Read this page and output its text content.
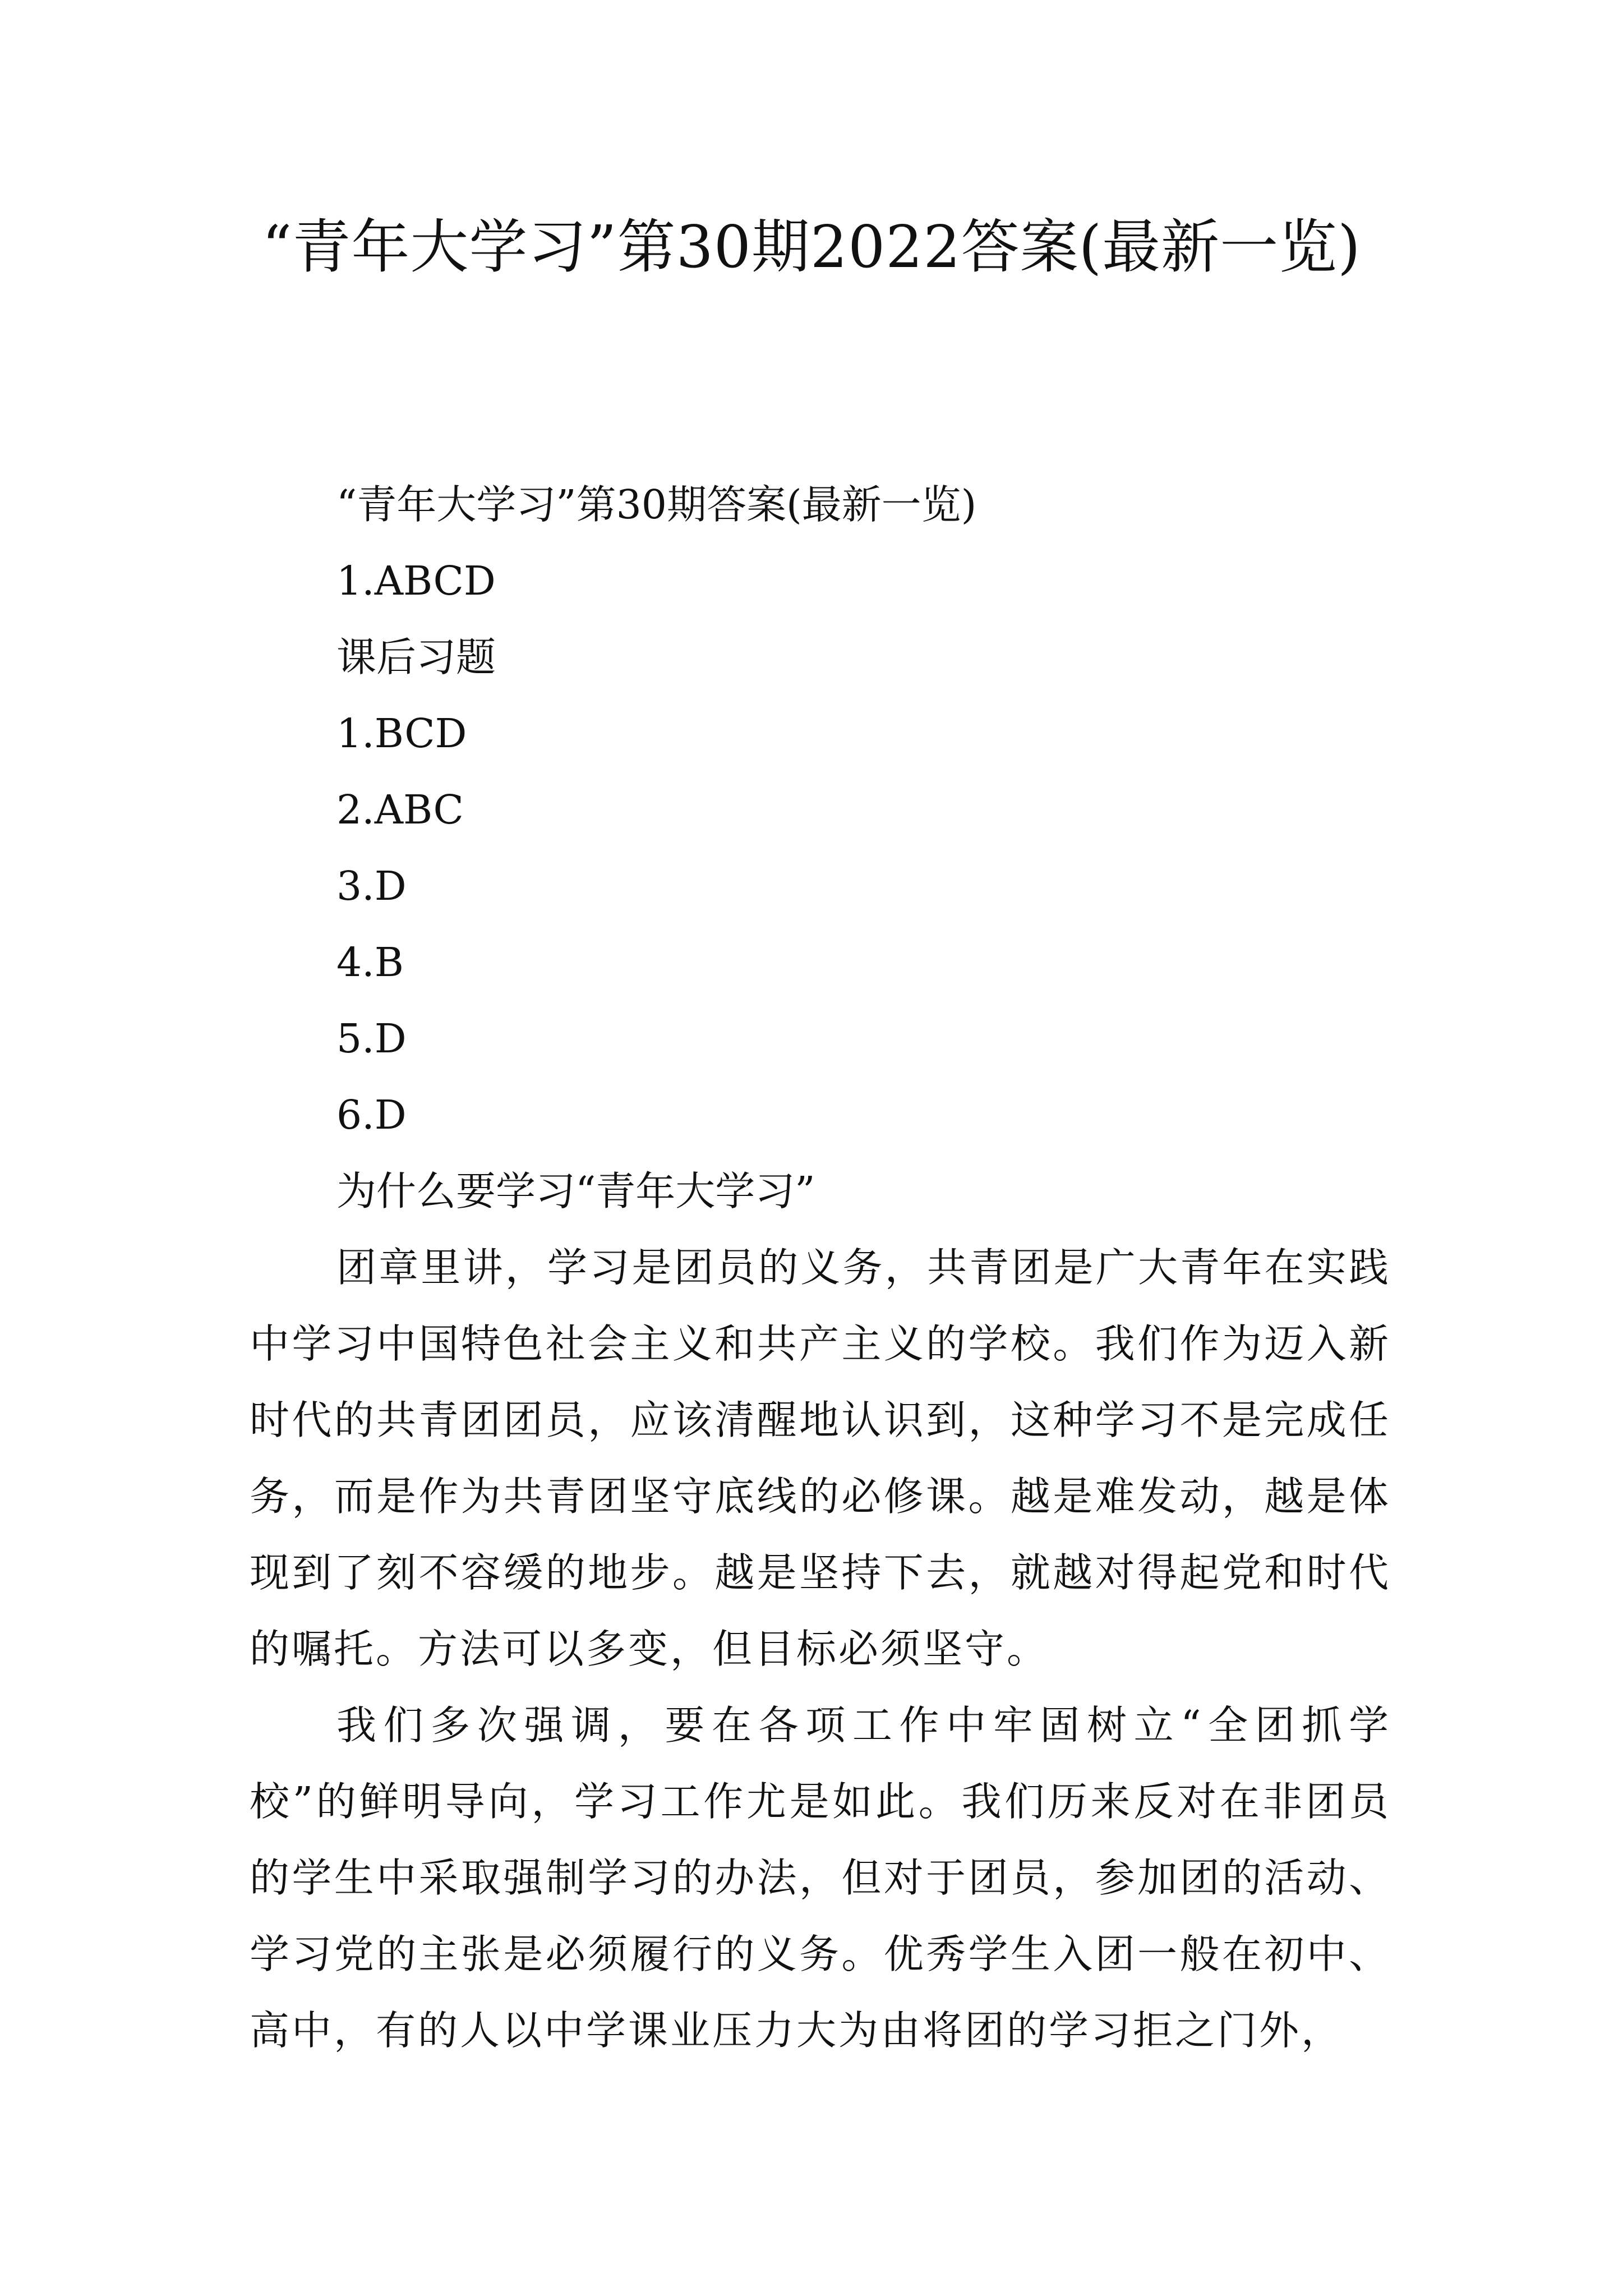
“青年大学习”第30期2022答案(最新一览)

“青年大学习”第30期答案(最新一览)

1.ABCD

课后习题

1.BCD

2.ABC

3.D

4.B

5.D

6.D

为什么要学习“青年大学习”

团章里讲，学习是团员的义务，共青团是广大青年在实践中学习中国特色社会主义和共产主义的学校。我们作为迈入新时代的共青团团员，应该清醒地认识到，这种学习不是完成任务，而是作为共青团坚守底线的必修课。越是难发动，越是体现到了刻不容缓的地步。越是坚持下去，就越对得起党和时代的嘱托。方法可以多变，但目标必须坚守。

我们多次强调，要在各项工作中牢固树立“全团抓学校”的鲜明导向，学习工作尤是如此。我们历来反对在非团员的学生中采取强制学习的办法，但对于团员，参加团的活动、学习党的主张是必须履行的义务。优秀学生入团一般在初中、高中，有的人以中学课业压力大为由将团的学习拒之门外，
